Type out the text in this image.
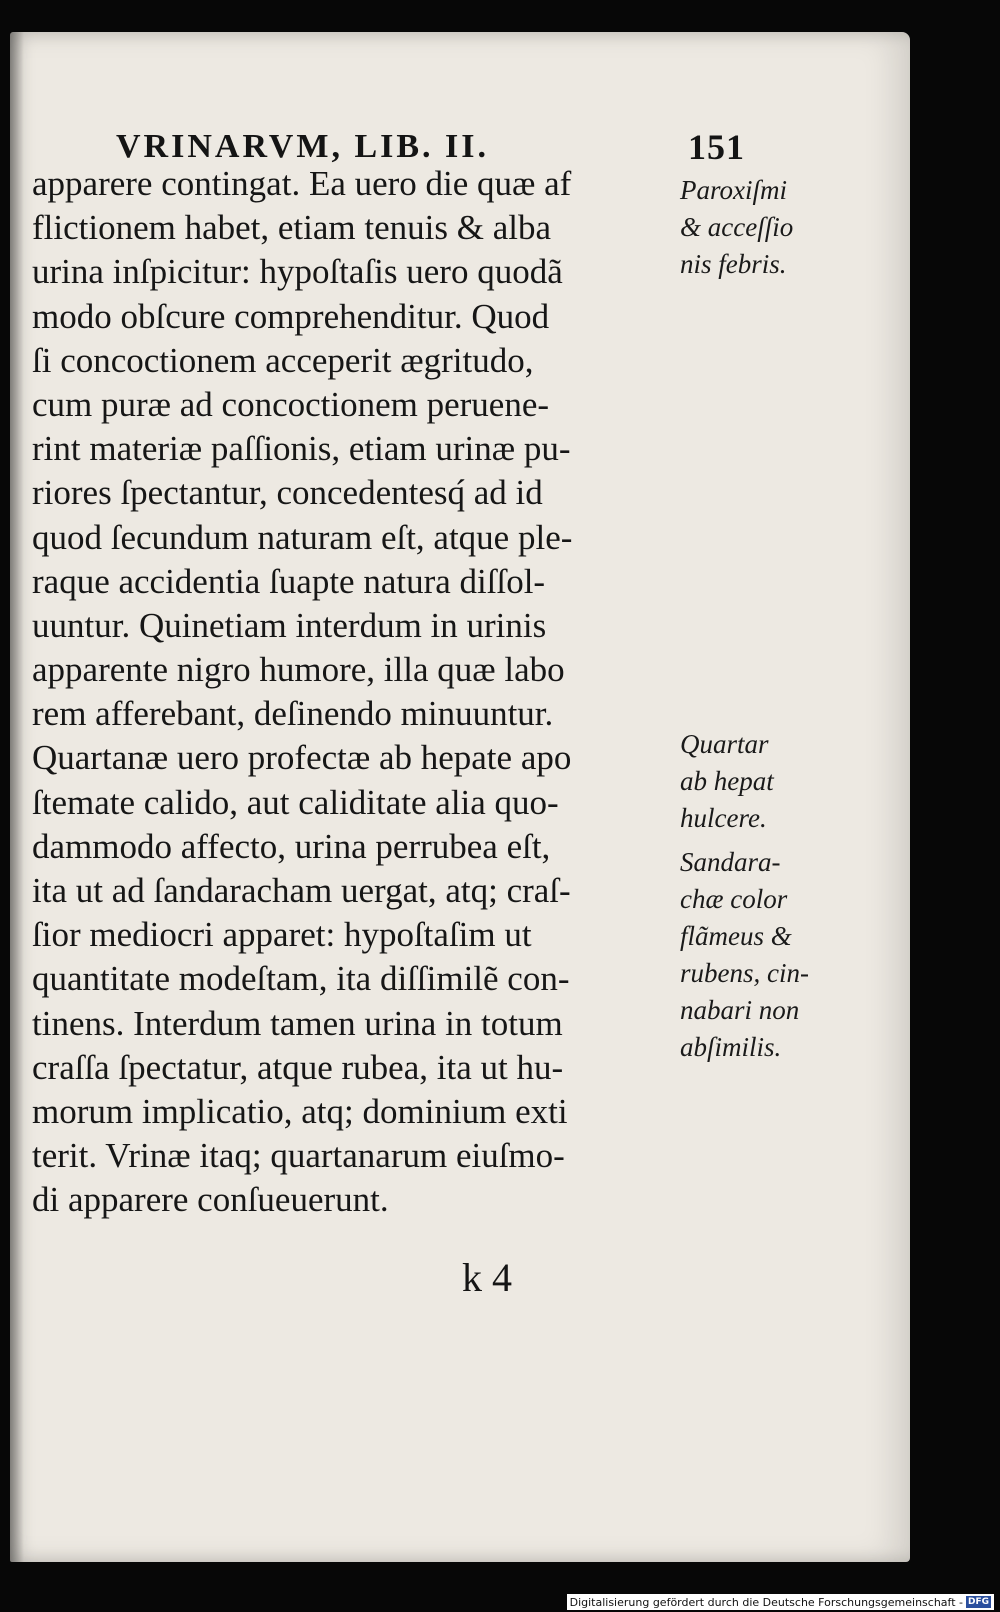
VRINARVM, LIB. II.	151
apparere contingat. Ea uero die quæ af
flictionem habet, etiam tenuis & alba
urina inſpicitur: hypoſtaſis uero quodã
modo obſcure comprehenditur. Quod
ſi concoctionem acceperit ægritudo,
cum puræ ad concoctionem peruene-
rint materiæ paſſionis, etiam urinæ pu-
riores ſpectantur, concedentesq́ ad id
quod ſecundum naturam eſt, atque ple-
raque accidentia ſuapte natura diſſol-
uuntur. Quinetiam interdum in urinis
apparente nigro humore, illa quæ labo
rem afferebant, deſinendo minuuntur.
Quartanæ uero profectæ ab hepate apo
ſtemate calido, aut caliditate alia quo-
dammodo affecto, urina perrubea eſt,
ita ut ad ſandaracham uergat, atq; craſ-
ſior mediocri apparet: hypoſtaſim ut
quantitate modeſtam, ita diſſimilẽ con-
tinens. Interdum tamen urina in totum
craſſa ſpectatur, atque rubea, ita ut hu-
morum implicatio, atq; dominium exti
terit. Vrinæ itaq; quartanarum eiuſmo-
di apparere conſueuerunt.
Paroxiſmi
& acceſſio
nis febris.
Quartar
ab hepat
hulcere.
Sandara-
chæ color
flãmeus &
rubens, cin-
nabari non
abſimilis.
k 4
Digitalisierung gefördert durch die Deutsche Forschungsgemeinschaft - DFG
